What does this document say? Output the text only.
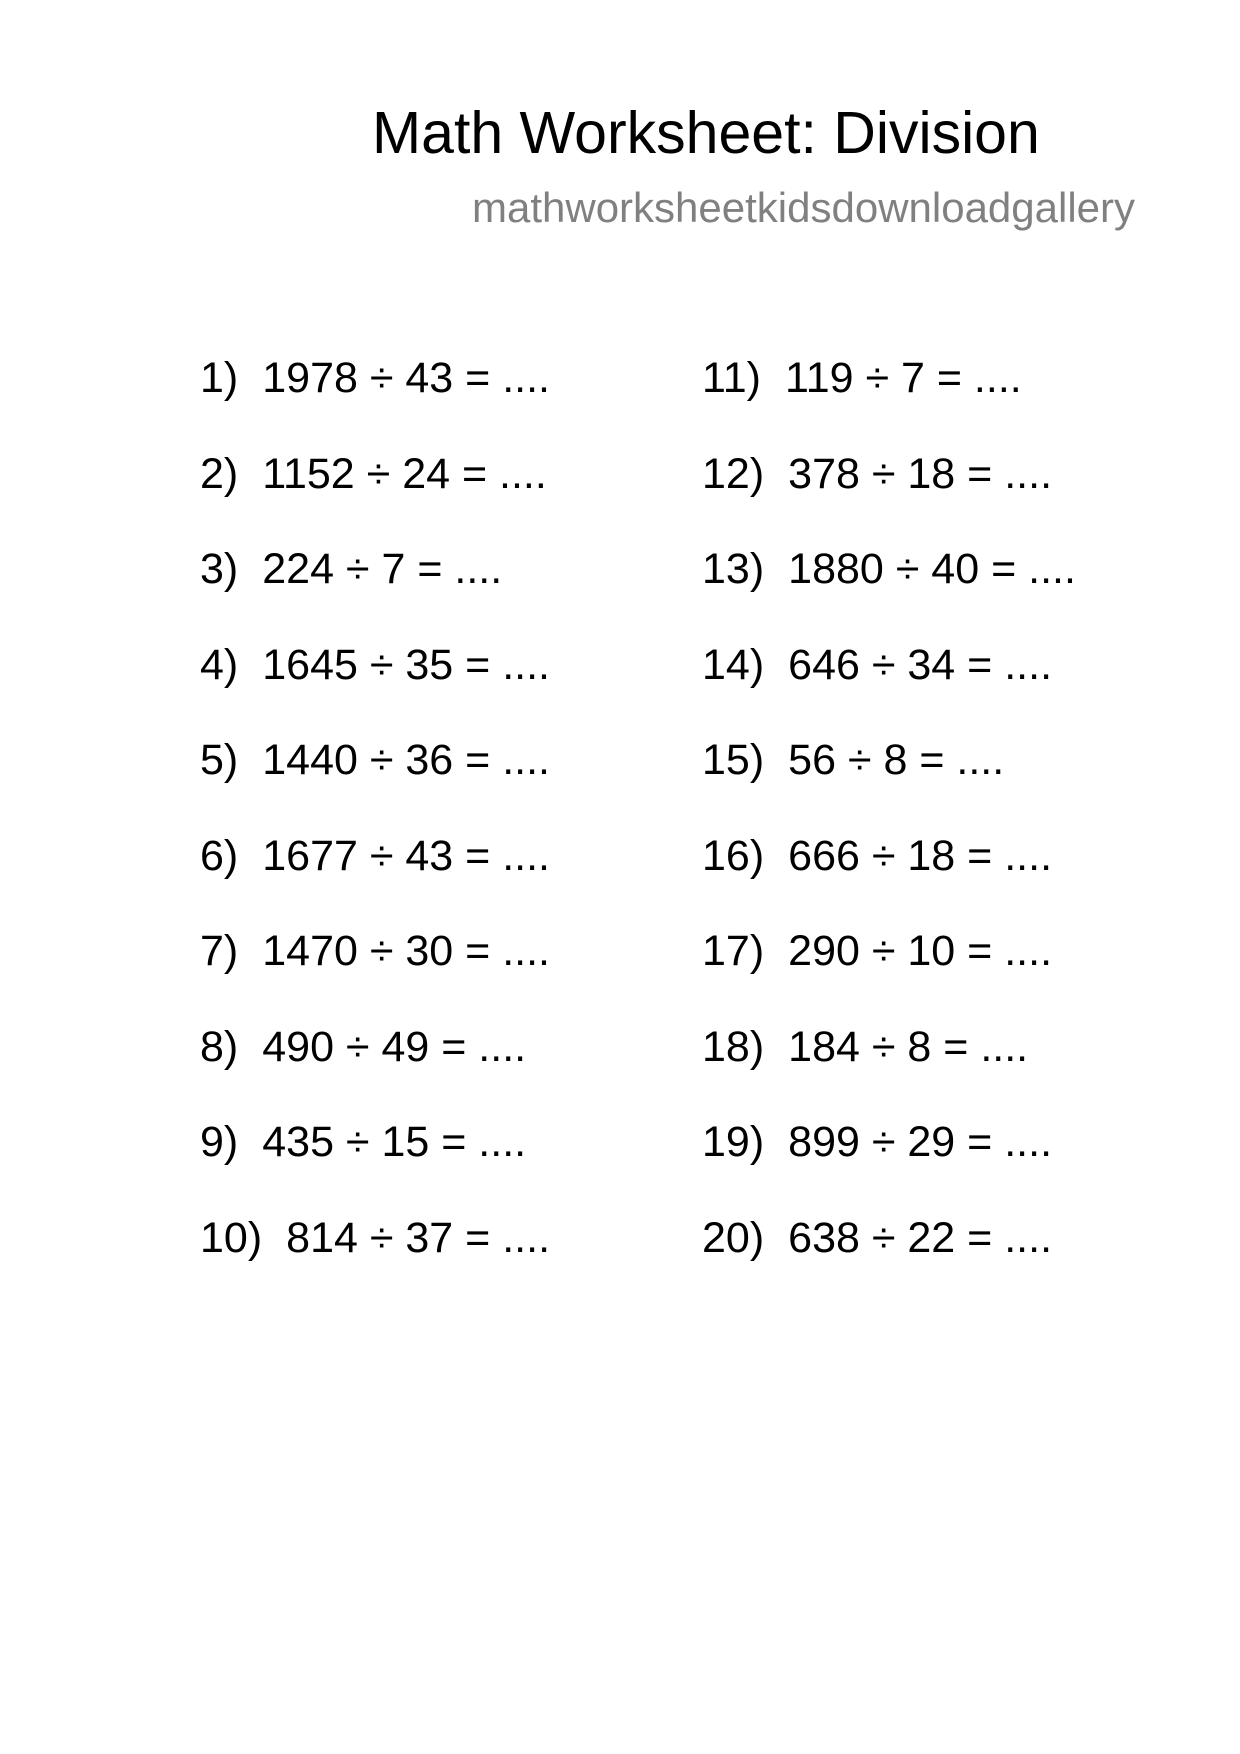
Math Worksheet: Division
mathworksheetkidsdownloadgallery
1) 1978 ÷ 43 = ....
2) 1152 ÷ 24 = ....
3) 224 ÷ 7 = ....
4) 1645 ÷ 35 = ....
5) 1440 ÷ 36 = ....
6) 1677 ÷ 43 = ....
7) 1470 ÷ 30 = ....
8) 490 ÷ 49 = ....
9) 435 ÷ 15 = ....
10) 814 ÷ 37 = ....
11) 119 ÷ 7 = ....
12) 378 ÷ 18 = ....
13) 1880 ÷ 40 = ....
14) 646 ÷ 34 = ....
15) 56 ÷ 8 = ....
16) 666 ÷ 18 = ....
17) 290 ÷ 10 = ....
18) 184 ÷ 8 = ....
19) 899 ÷ 29 = ....
20) 638 ÷ 22 = ....
